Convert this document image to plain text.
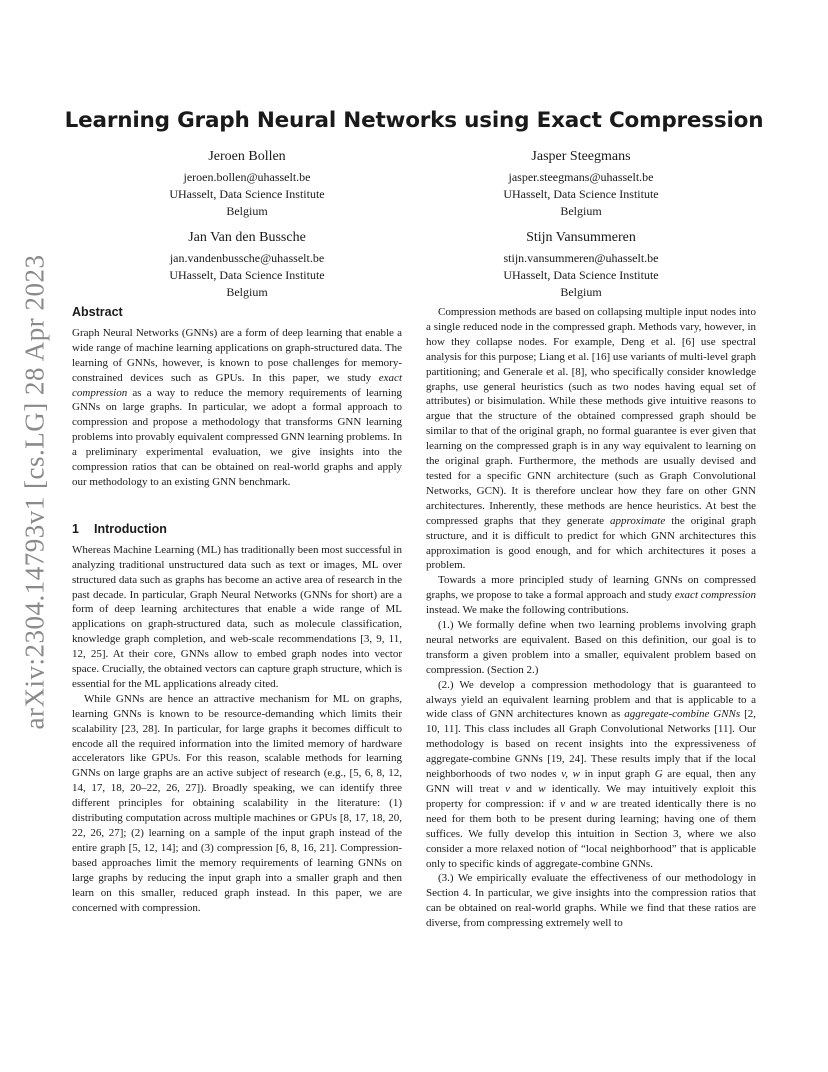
Learning Graph Neural Networks using Exact Compression
Jeroen Bollen
jeroen.bollen@uhasselt.be
UHasselt, Data Science Institute
Belgium
Jasper Steegmans
jasper.steegmans@uhasselt.be
UHasselt, Data Science Institute
Belgium
Jan Van den Bussche
jan.vandenbussche@uhasselt.be
UHasselt, Data Science Institute
Belgium
Stijn Vansummeren
stijn.vansummeren@uhasselt.be
UHasselt, Data Science Institute
Belgium
arXiv:2304.14793v1 [cs.LG] 28 Apr 2023 Abstract

Graph Neural Networks (GNNs) are a form of deep learning that enable a wide range of machine learning applications on graph-structured data. The learning of GNNs, however, is known to pose challenges for memory-constrained devices such as GPUs. In this paper, we study exact compression as a way to reduce the memory requirements of learning GNNs on large graphs. In particular, we adopt a formal approach to compression and propose a methodology that transforms GNN learning problems into provably equivalent compressed GNN learning problems. In a preliminary experimental evaluation, we give insights into the compression ratios that can be obtained on real-world graphs and apply our methodology to an existing GNN benchmark.

1 Introduction

Whereas Machine Learning (ML) has traditionally been most successful in analyzing traditional unstructured data such as text or images, ML over structured data such as graphs has become an active area of research in the past decade. In particular, Graph Neural Networks (GNNs for short) are a form of deep learning architectures that enable a wide range of ML applications on graph-structured data, such as molecule classification, knowledge graph completion, and web-scale recommendations [3, 9, 11, 12, 25]. At their core, GNNs allow to embed graph nodes into vector space. Crucially, the obtained vectors can capture graph structure, which is essential for the ML applications already cited.

While GNNs are hence an attractive mechanism for ML on graphs, learning GNNs is known to be resource-demanding which limits their scalability [23, 28]. In particular, for large graphs it becomes difficult to encode all the required information into the limited memory of hardware accelerators like GPUs. For this reason, scalable methods for learning GNNs on large graphs are an active subject of research (e.g., [5, 6, 8, 12, 14, 17, 18, 20–22, 26, 27]). Broadly speaking, we can identify three different principles for obtaining scalability in the literature: (1) distributing computation across multiple machines or GPUs [8, 17, 18, 20, 22, 26, 27]; (2) learning on a sample of the input graph instead of the entire graph [5, 12, 14]; and (3) compression [6, 8, 16, 21]. Compression-based approaches limit the memory requirements of learning GNNs on large graphs by reducing the input graph into a smaller graph and then learn on this smaller, reduced graph instead. In this paper, we are concerned with compression.

Compression methods are based on collapsing multiple input nodes into a single reduced node in the compressed graph. Methods vary, however, in how they collapse nodes. For example, Deng et al. [6] use spectral analysis for this purpose; Liang et al. [16] use variants of multi-level graph partitioning; and Generale et al. [8], who specifically consider knowledge graphs, use general heuristics (such as two nodes having equal set of attributes) or bisimulation. While these methods give intuitive reasons to argue that the structure of the obtained compressed graph should be similar to that of the original graph, no formal guarantee is ever given that learning on the compressed graph is in any way equivalent to learning on the original graph. Furthermore, the methods are usually devised and tested for a specific GNN architecture (such as Graph Convolutional Networks, GCN). It is therefore unclear how they fare on other GNN architectures. Inherently, these methods are hence heuristics. At best the compressed graphs that they generate approximate the original graph structure, and it is difficult to predict for which GNN architectures this approximation is good enough, and for which architectures it poses a problem.

Towards a more principled study of learning GNNs on compressed graphs, we propose to take a formal approach and study exact compression instead. We make the following contributions.

(1.) We formally define when two learning problems involving graph neural networks are equivalent. Based on this definition, our goal is to transform a given problem into a smaller, equivalent problem based on compression. (Section 2.)

(2.) We develop a compression methodology that is guaranteed to always yield an equivalent learning problem and that is applicable to a wide class of GNN architectures known as aggregate-combine GNNs [2, 10, 11]. This class includes all Graph Convolutional Networks [11]. Our methodology is based on recent insights into the expressiveness of aggregate-combine GNNs [19, 24]. These results imply that if the local neighborhoods of two nodes v, w in input graph G are equal, then any GNN will treat v and w identically. We may intuitively exploit this property for compression: if v and w are treated identically there is no need for them both to be present during learning; having one of them suffices. We fully develop this intuition in Section 3, where we also consider a more relaxed notion of “local neighborhood” that is applicable only to specific kinds of aggregate-combine GNNs.

(3.) We empirically evaluate the effectiveness of our methodology in Section 4. In particular, we give insights into the compression ratios that can be obtained on real-world graphs. While we find that these ratios are diverse, from compressing extremely well to
